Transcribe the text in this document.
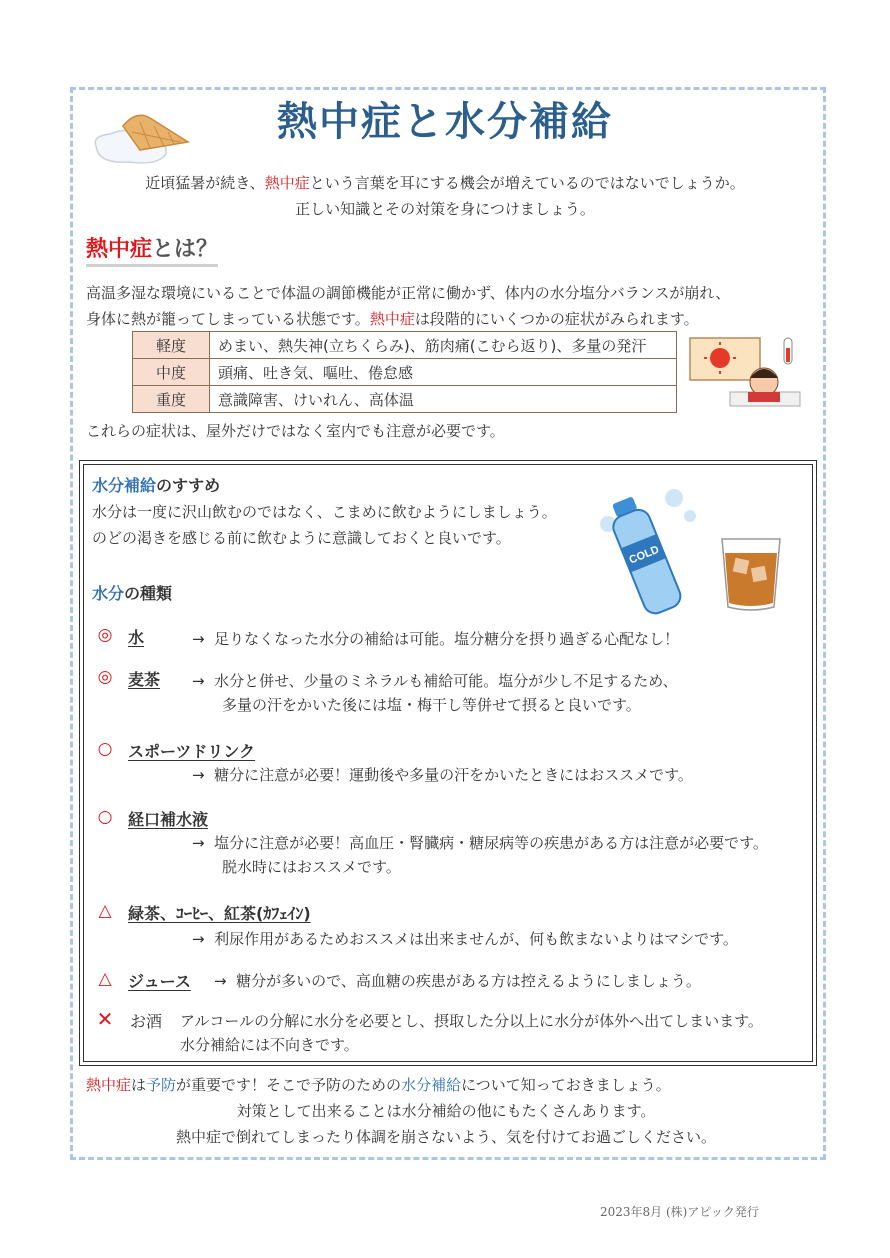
熱中症と水分補給
近頃猛暑が続き、熱中症という言葉を耳にする機会が増えているのではないでしょうか。
正しい知識とその対策を身につけましょう。
熱中症とは？
高温多湿な環境にいることで体温の調節機能が正常に働かず、体内の水分塩分バランスが崩れ、
身体に熱が籠ってしまっている状態です。熱中症は段階的にいくつかの症状がみられます。
軽度	めまい、熱失神(立ちくらみ)、筋肉痛(こむら返り)、多量の発汗
中度	頭痛、吐き気、嘔吐、倦怠感
重度	意識障害、けいれん、高体温
これらの症状は、屋外だけではなく室内でも注意が必要です。
水分補給のすすめ
水分は一度に沢山飲むのではなく、こまめに飲むようにしましょう。
のどの渇きを感じる前に飲むように意識しておくと良いです。
COLD
水分の種類
◎ 水	→ 足りなくなった水分の補給は可能。塩分糖分を摂り過ぎる心配なし！
◎ 麦茶 → 水分と併せ、少量のミネラルも補給可能。塩分が少し不足するため、
多量の汗をかいた後には塩・梅干し等併せて摂ると良いです。
○ スポーツドリンク
→ 糖分に注意が必要！運動後や多量の汗をかいたときにはおススメです。
○ 経口補水液
→ 塩分に注意が必要！高血圧・腎臓病・糖尿病等の疾患がある方は注意が必要です。
脱水時にはおススメです。
△ 緑茶、ｺｰﾋｰ、紅茶(ｶﾌｪｲﾝ)
→ 利尿作用があるためおススメは出来ませんが、何も飲まないよりはマシです。
△ ジュース → 糖分が多いので、高血糖の疾患がある方は控えるようにしましょう。
✕ お酒 アルコールの分解に水分を必要とし、摂取した分以上に水分が体外へ出てしまいます。
水分補給には不向きです。
熱中症は予防が重要です！そこで予防のための水分補給について知っておきましょう。
対策として出来ることは水分補給の他にもたくさんあります。
熱中症で倒れてしまったり体調を崩さないよう、気を付けてお過ごしください。
2023年8月 (株)アピック発行
